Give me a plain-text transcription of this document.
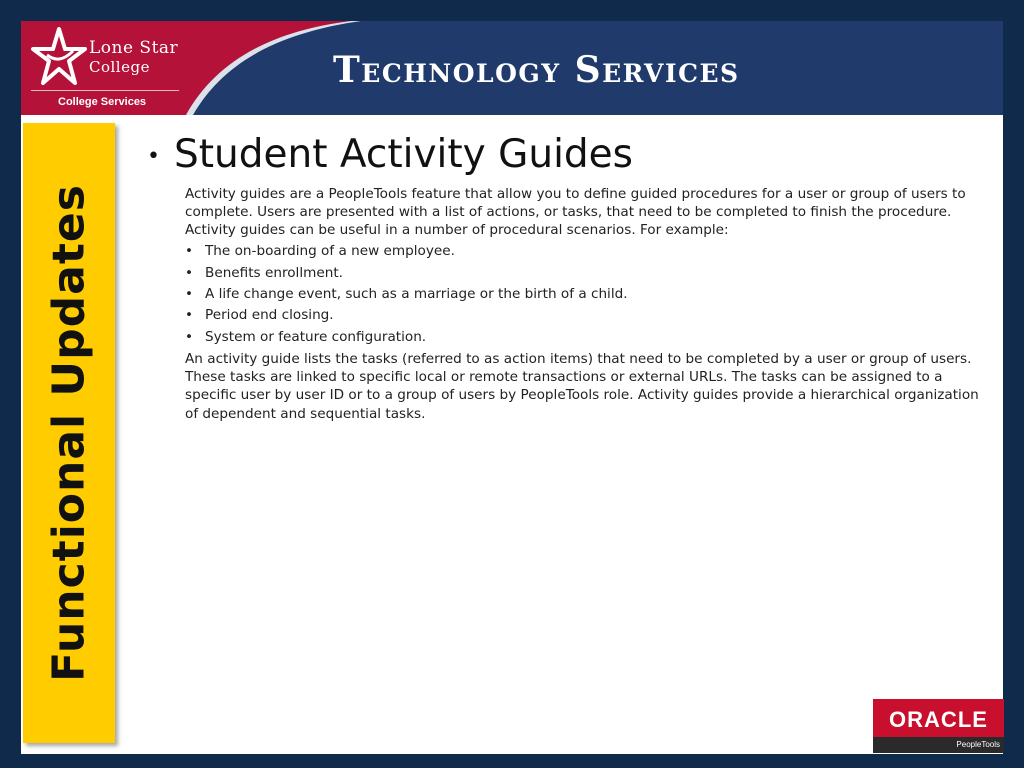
Lone Star
College
College Services
Technology Services
Functional Updates
• Student Activity Guides

Activity guides are a PeopleTools feature that allow you to define guided procedures for a user or group of users to complete. Users are presented with a list of actions, or tasks, that need to be completed to finish the procedure. Activity guides can be useful in a number of procedural scenarios. For example:

• The on-boarding of a new employee.
• Benefits enrollment.
• A life change event, such as a marriage or the birth of a child.
• Period end closing.
• System or feature configuration.

An activity guide lists the tasks (referred to as action items) that need to be completed by a user or group of users. These tasks are linked to specific local or remote transactions or external URLs. The tasks can be assigned to a specific user by user ID or to a group of users by PeopleTools role. Activity guides provide a hierarchical organization of dependent and sequential tasks.

ORACLE
PeopleTools
